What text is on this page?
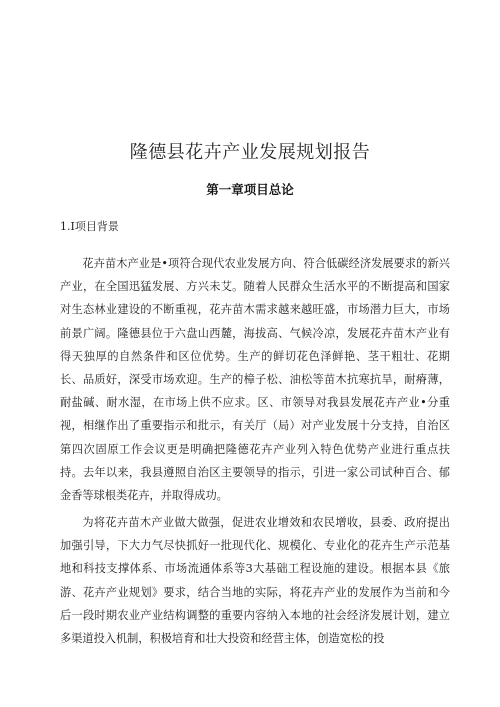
隆德县花卉产业发展规划报告
第一章项目总论
1.I项目背景

花卉苗木产业是•项符合现代农业发展方向、符合低碳经济发展要求的新兴产业，在全国迅猛发展、方兴未艾。随着人民群众生活水平的不断提高和国家对生态林业建设的不断重视，花卉苗木需求越来越旺盛，市场潜力巨大，市场前景广阔。隆德县位于六盘山西麓，海拔高、气候冷凉，发展花卉苗木产业有得天独厚的自然条件和区位优势。生产的鲜切花色泽鲜艳、茎干粗壮、花期长、品质好，深受市场欢迎。生产的樟子松、油松等苗木抗寒抗旱，耐瘠薄，耐盐碱、耐水湿，在市场上供不应求。区、市领导对我县发展花卉产业•分重视，相继作出了重要指示和批示，有关厅（局）对产业发展十分支持，自治区第四次固原工作会议更是明确把隆德花卉产业列入特色优势产业进行重点扶持。去年以来，我县遵照自治区主要领导的指示，引进一家公司试种百合、郁金香等球根类花卉，并取得成功。

为将花卉苗木产业做大做强，促进农业增效和农民增收，县委、政府提出加强引导，下大力气尽快抓好一批现代化、规模化、专业化的花卉生产示范基地和科技支撑体系、市场流通体系等3大基础工程设施的建设。根据本县《旅游、花卉产业规划》要求，结合当地的实际，将花卉产业的发展作为当前和今后一段时期农业产业结构调整的重要内容纳入本地的社会经济发展计划，建立多渠道投入机制，积极培育和壮大投资和经营主体，创造宽松的投
